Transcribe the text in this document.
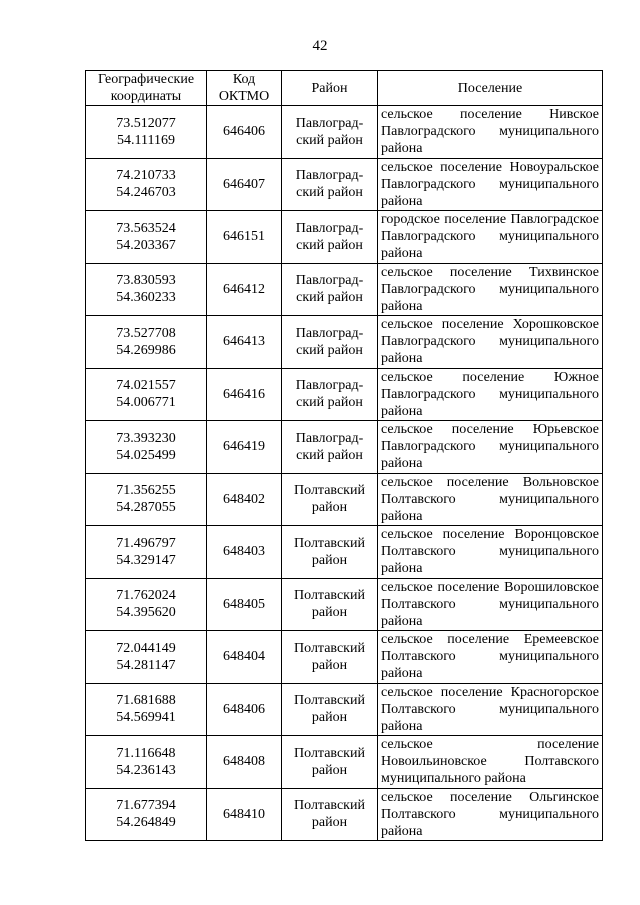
42
Географические координаты	Код ОКТМО	Район	Поселение

73.512077
54.111169	646406	Павлоград-ский район	сельское поселение Нивское Павлоградского муниципального района

74.210733
54.246703	646407	Павлоград-ский район	сельское поселение Новоуральское Павлоградского муниципального района

73.563524
54.203367	646151	Павлоград-ский район	городское поселение Павлоградское Павлоградского муниципального района

73.830593
54.360233	646412	Павлоград-ский район	сельское поселение Тихвинское Павлоградского муниципального района

73.527708
54.269986	646413	Павлоград-ский район	сельское поселение Хорошковское Павлоградского муниципального района

74.021557
54.006771	646416	Павлоград-ский район	сельское поселение Южное Павлоградского муниципального района

73.393230
54.025499	646419	Павлоград-ский район	сельское поселение Юрьевское Павлоградского муниципального района

71.356255
54.287055	648402	Полтавский район	сельское поселение Вольновское Полтавского муниципального района

71.496797
54.329147	648403	Полтавский район	сельское поселение Воронцовское Полтавского муниципального района

71.762024
54.395620	648405	Полтавский район	сельское поселение Ворошиловское Полтавского муниципального района

72.044149
54.281147	648404	Полтавский район	сельское поселение Еремеевское Полтавского муниципального района

71.681688
54.569941	648406	Полтавский район	сельское поселение Красногорское Полтавского муниципального района

71.116648
54.236143	648408	Полтавский район	сельское поселение Новоильиновское Полтавского муниципального района

71.677394
54.264849	648410	Полтавский район	сельское поселение Ольгинское Полтавского муниципального района
